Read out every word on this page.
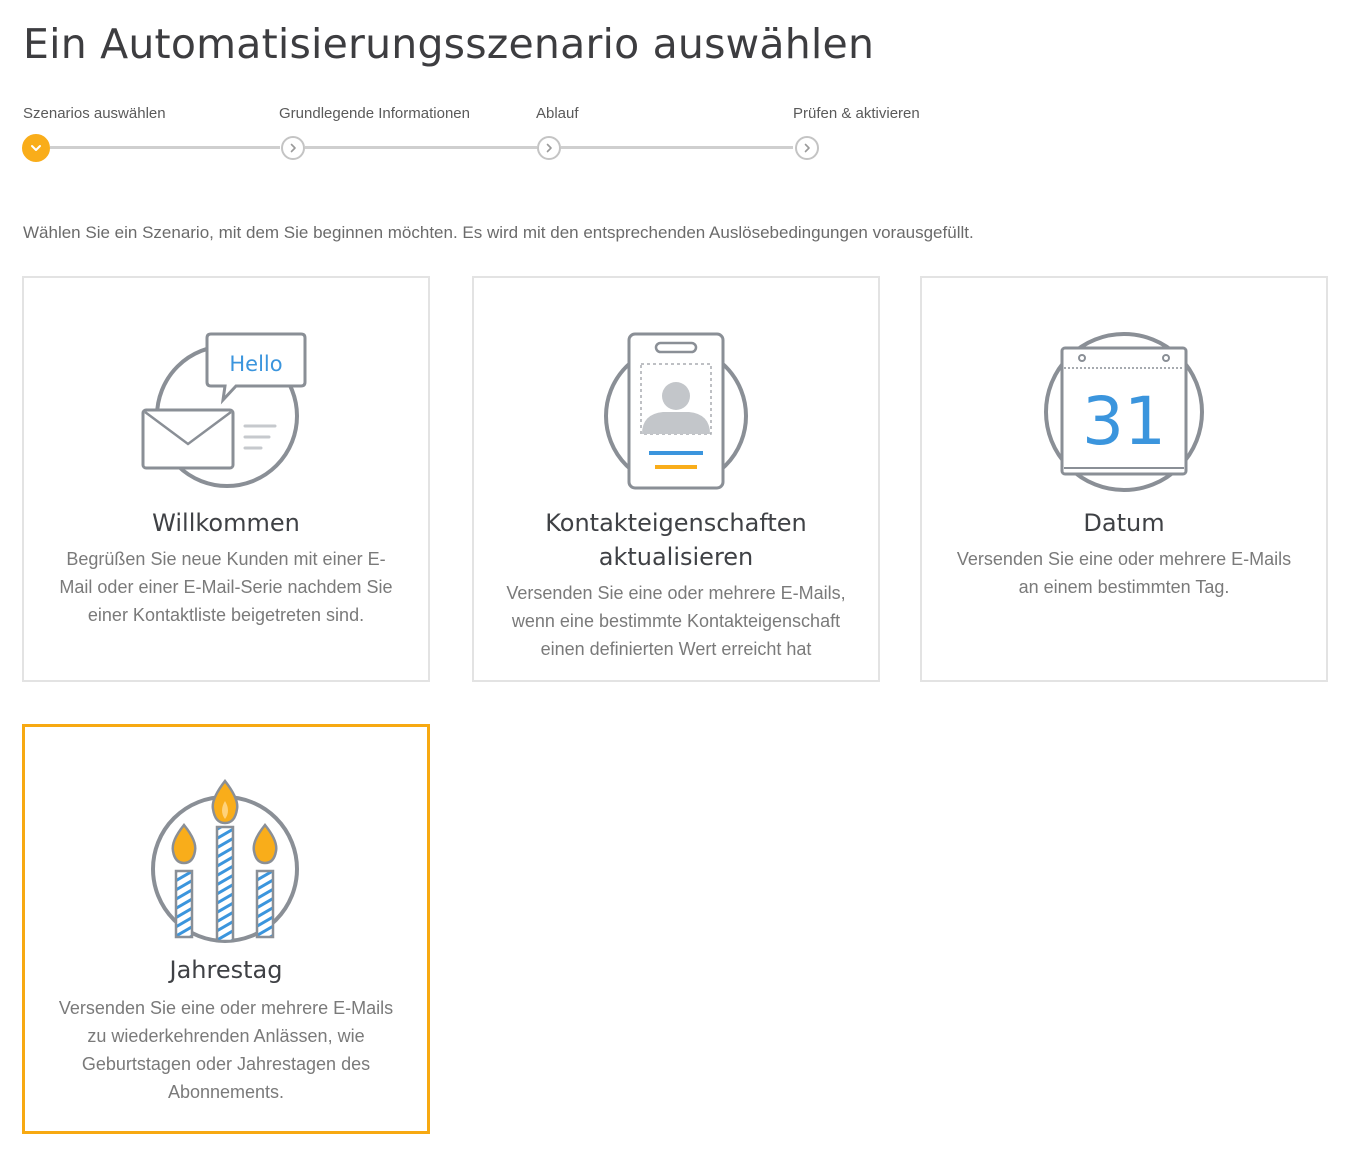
Ein Automatisierungsszenario auswählen
Szenarios auswählen	Grundlegende Informationen	Ablauf	Prüfen & aktivieren

Wählen Sie ein Szenario, mit dem Sie beginnen möchten. Es wird mit den entsprechenden Auslösebedingungen vorausgefüllt.

Hello
Willkommen
Begrüßen Sie neue Kunden mit einer E-Mail oder einer E-Mail-Serie nachdem Sie einer Kontaktliste beigetreten sind.
Kontakteigenschaften aktualisieren
Versenden Sie eine oder mehrere E-Mails, wenn eine bestimmte Kontakteigenschaft einen definierten Wert erreicht hat
31
Datum
Versenden Sie eine oder mehrere E-Mails an einem bestimmten Tag.
Jahrestag
Versenden Sie eine oder mehrere E-Mails zu wiederkehrenden Anlässen, wie Geburtstagen oder Jahrestagen des Abonnements.
